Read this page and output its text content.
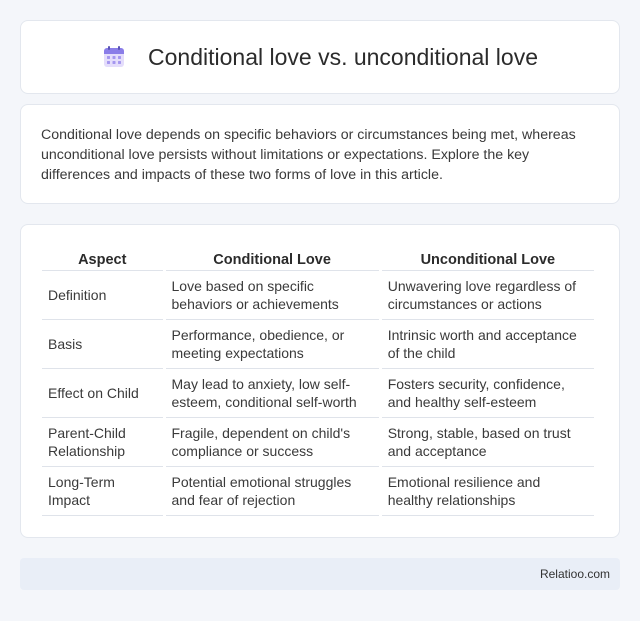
Conditional love vs. unconditional love

Conditional love depends on specific behaviors or circumstances being met, whereas unconditional love persists without limitations or expectations. Explore the key differences and impacts of these two forms of love in this article.

Aspect	Conditional Love	Unconditional Love
Definition	Love based on specific behaviors or achievements	Unwavering love regardless of circumstances or actions
Basis	Performance, obedience, or meeting expectations	Intrinsic worth and acceptance of the child
Effect on Child	May lead to anxiety, low self-esteem, conditional self-worth	Fosters security, confidence, and healthy self-esteem
Parent-Child Relationship	Fragile, dependent on child's compliance or success	Strong, stable, based on trust and acceptance
Long-Term Impact	Potential emotional struggles and fear of rejection	Emotional resilience and healthy relationships
Relatioo.com
